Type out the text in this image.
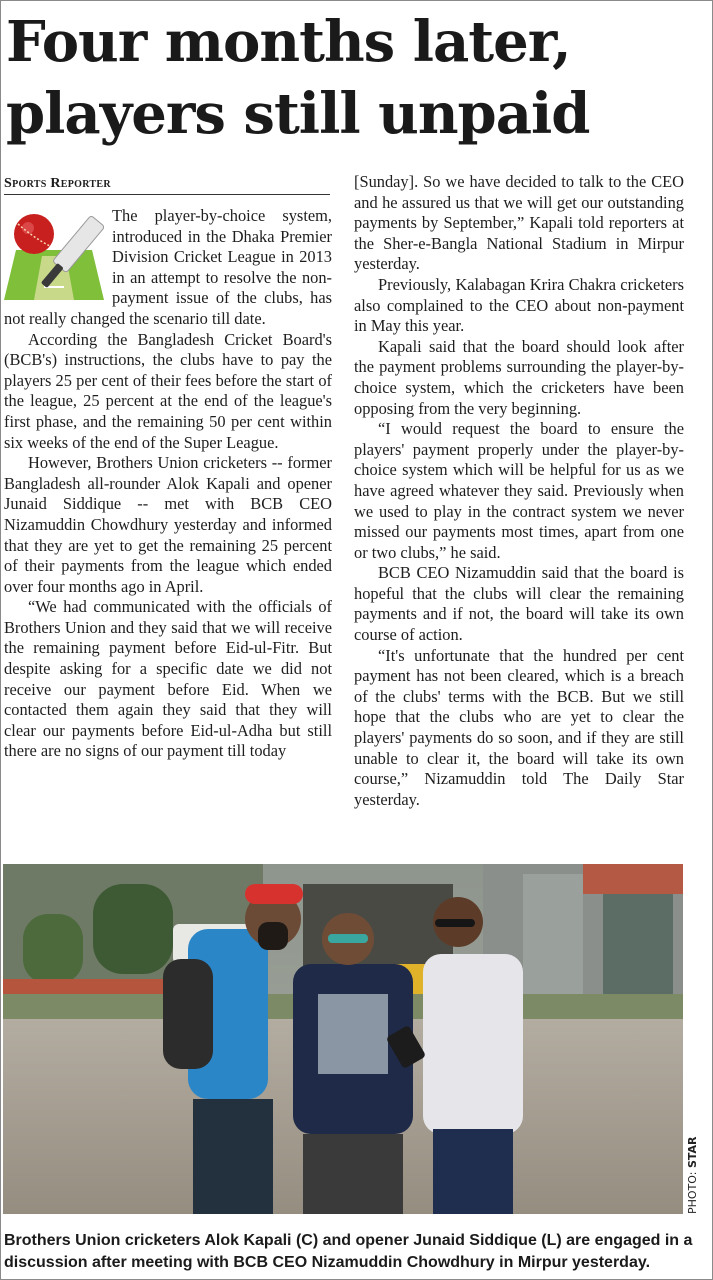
Four months later,
players still unpaid
Sports Reporter

The player-by-choice system, introduced in the Dhaka Premier Division Cricket League in 2013 in an attempt to resolve the non-payment issue of the clubs, has not really changed the scenario till date.

According the Bangladesh Cricket Board's (BCB's) instructions, the clubs have to pay the players 25 per cent of their fees before the start of the league, 25 percent at the end of the league's first phase, and the remaining 50 per cent within six weeks of the end of the Super League.

However, Brothers Union cricketers -- former Bangladesh all-rounder Alok Kapali and opener Junaid Siddique -- met with BCB CEO Nizamuddin Chowdhury yesterday and informed that they are yet to get the remaining 25 percent of their payments from the league which ended over four months ago in April.

“We had communicated with the officials of Brothers Union and they said that we will receive the remaining payment before Eid-ul-Fitr. But despite asking for a specific date we did not receive our payment before Eid. When we contacted them again they said that they will clear our payments before Eid-ul-Adha but still there are no signs of our payment till today

[Sunday]. So we have decided to talk to the CEO and he assured us that we will get our outstanding payments by September,” Kapali told reporters at the Sher-e-Bangla National Stadium in Mirpur yesterday.

Previously, Kalabagan Krira Chakra cricketers also complained to the CEO about non-payment in May this year.

Kapali said that the board should look after the payment problems surrounding the player-by-choice system, which the cricketers have been opposing from the very beginning.

“I would request the board to ensure the players' payment properly under the player-by-choice system which will be helpful for us as we have agreed whatever they said. Previously when we used to play in the contract system we never missed our payments most times, apart from one or two clubs,” he said.

BCB CEO Nizamuddin said that the board is hopeful that the clubs will clear the remaining payments and if not, the board will take its own course of action.

“It's unfortunate that the hundred per cent payment has not been cleared, which is a breach of the clubs' terms with the BCB. But we still hope that the clubs who are yet to clear the players' payments do so soon, and if they are still unable to clear it, the board will take its own course,” Nizamuddin told The Daily Star yesterday.

PHOTO: STAR
Brothers Union cricketers Alok Kapali (C) and opener Junaid Siddique (L) are engaged in a discussion after meeting with BCB CEO Nizamuddin Chowdhury in Mirpur yesterday.
